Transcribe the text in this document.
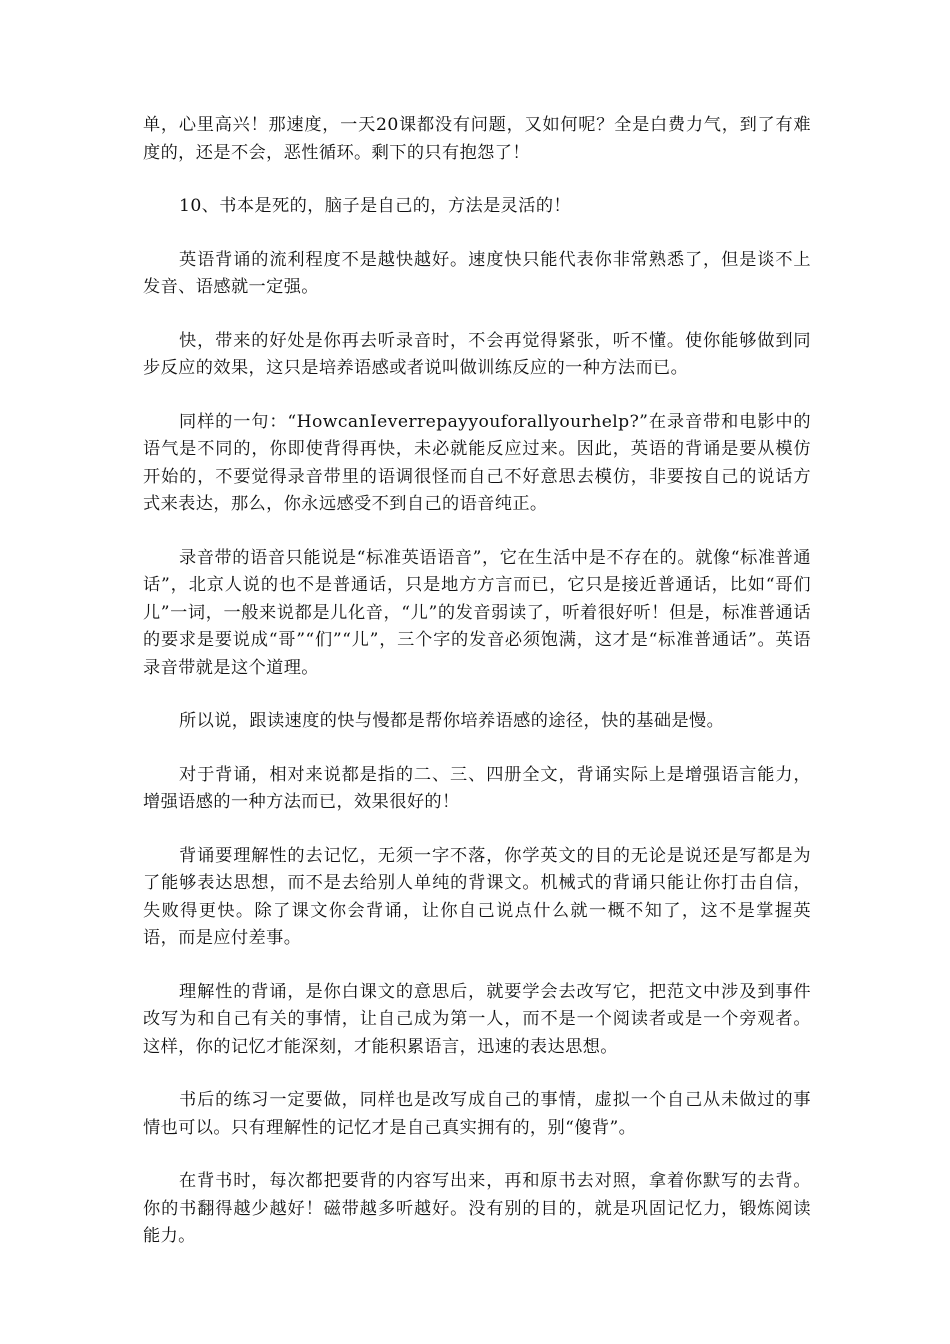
单，心里高兴！那速度，一天20课都没有问题，又如何呢？全是白费力气，到了有难度的，还是不会，恶性循环。剩下的只有抱怨了！

10、书本是死的，脑子是自己的，方法是灵活的！

英语背诵的流利程度不是越快越好。速度快只能代表你非常熟悉了，但是谈不上发音、语感就一定强。

快，带来的好处是你再去听录音时，不会再觉得紧张，听不懂。使你能够做到同步反应的效果，这只是培养语感或者说叫做训练反应的一种方法而已。

同样的一句：“HowcanIeverrepayyouforallyourhelp?”在录音带和电影中的语气是不同的，你即使背得再快，未必就能反应过来。因此，英语的背诵是要从模仿开始的，不要觉得录音带里的语调很怪而自己不好意思去模仿，非要按自己的说话方式来表达，那么，你永远感受不到自己的语音纯正。

录音带的语音只能说是“标准英语语音”，它在生活中是不存在的。就像“标准普通话”，北京人说的也不是普通话，只是地方方言而已，它只是接近普通话，比如“哥们儿”一词，一般来说都是儿化音，“儿”的发音弱读了，听着很好听！但是，标准普通话的要求是要说成“哥”“们”“儿”，三个字的发音必须饱满，这才是“标准普通话”。英语录音带就是这个道理。

所以说，跟读速度的快与慢都是帮你培养语感的途径，快的基础是慢。

对于背诵，相对来说都是指的二、三、四册全文，背诵实际上是增强语言能力，增强语感的一种方法而已，效果很好的！

背诵要理解性的去记忆，无须一字不落，你学英文的目的无论是说还是写都是为了能够表达思想，而不是去给别人单纯的背课文。机械式的背诵只能让你打击自信，失败得更快。除了课文你会背诵，让你自己说点什么就一概不知了，这不是掌握英语，而是应付差事。

理解性的背诵，是你白课文的意思后，就要学会去改写它，把范文中涉及到事件改写为和自己有关的事情，让自己成为第一人，而不是一个阅读者或是一个旁观者。这样，你的记忆才能深刻，才能积累语言，迅速的表达思想。

书后的练习一定要做，同样也是改写成自己的事情，虚拟一个自己从未做过的事情也可以。只有理解性的记忆才是自己真实拥有的，别“傻背”。

在背书时，每次都把要背的内容写出来，再和原书去对照，拿着你默写的去背。你的书翻得越少越好！磁带越多听越好。没有别的目的，就是巩固记忆力，锻炼阅读能力。
